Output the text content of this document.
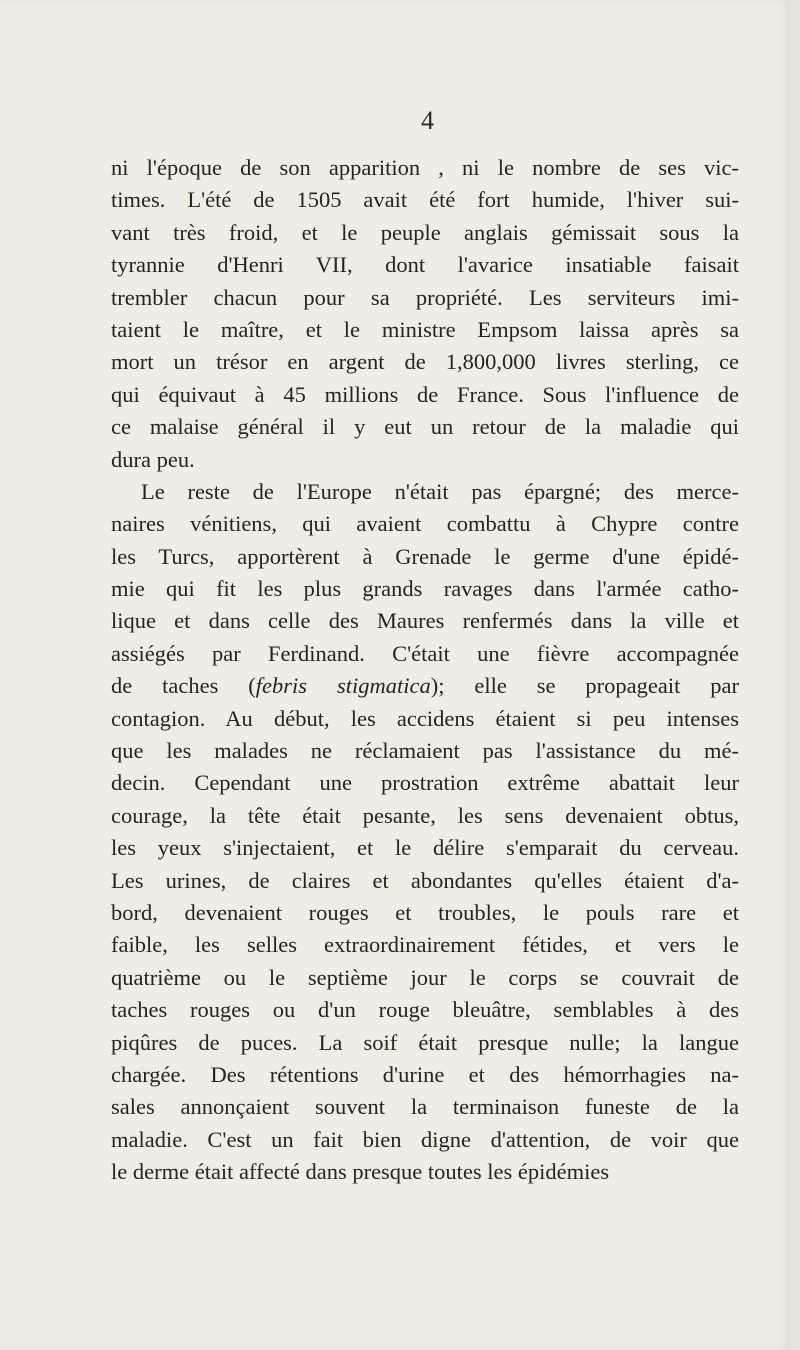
4
ni l'époque de son apparition , ni le nombre de ses vic-
times. L'été de 1505 avait été fort humide, l'hiver sui-
vant très froid, et le peuple anglais gémissait sous la
tyrannie d'Henri VII, dont l'avarice insatiable faisait
trembler chacun pour sa propriété. Les serviteurs imi-
taient le maître, et le ministre Empsom laissa après sa
mort un trésor en argent de 1,800,000 livres sterling, ce
qui équivaut à 45 millions de France. Sous l'influence de
ce malaise général il y eut un retour de la maladie qui
dura peu.
Le reste de l'Europe n'était pas épargné; des merce-
naires vénitiens, qui avaient combattu à Chypre contre
les Turcs, apportèrent à Grenade le germe d'une épidé-
mie qui fit les plus grands ravages dans l'armée catho-
lique et dans celle des Maures renfermés dans la ville et
assiégés par Ferdinand. C'était une fièvre accompagnée
de taches (febris stigmatica); elle se propageait par
contagion. Au début, les accidens étaient si peu intenses
que les malades ne réclamaient pas l'assistance du mé-
decin. Cependant une prostration extrême abattait leur
courage, la tête était pesante, les sens devenaient obtus,
les yeux s'injectaient, et le délire s'emparait du cerveau.
Les urines, de claires et abondantes qu'elles étaient d'a-
bord, devenaient rouges et troubles, le pouls rare et
faible, les selles extraordinairement fétides, et vers le
quatrième ou le septième jour le corps se couvrait de
taches rouges ou d'un rouge bleuâtre, semblables à des
piqûres de puces. La soif était presque nulle; la langue
chargée. Des rétentions d'urine et des hémorrhagies na-
sales annonçaient souvent la terminaison funeste de la
maladie. C'est un fait bien digne d'attention, de voir que
le derme était affecté dans presque toutes les épidémies
